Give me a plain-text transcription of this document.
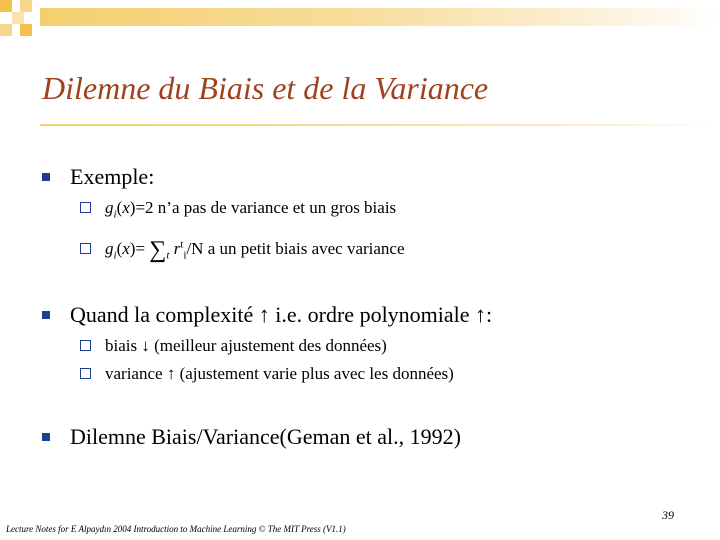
Dilemne du Biais et de la Variance
Exemple:
$g_i(x)=2$ n’a pas de variance et un gros biais
$g_i(x)= \sum_t$ $r^t_i/N$ a un petit biais avec variance
Quand la complexité ↑ i.e. ordre polynomiale ↑:
biais ↓ (meilleur ajustement des données)
variance ↑ (ajustement varie plus avec les données)
Dilemne Biais/Variance(Geman et al., 1992)
39
Lecture Notes for E Alpaydın 2004 Introduction to Machine Learning © The MIT Press (V1.1)
